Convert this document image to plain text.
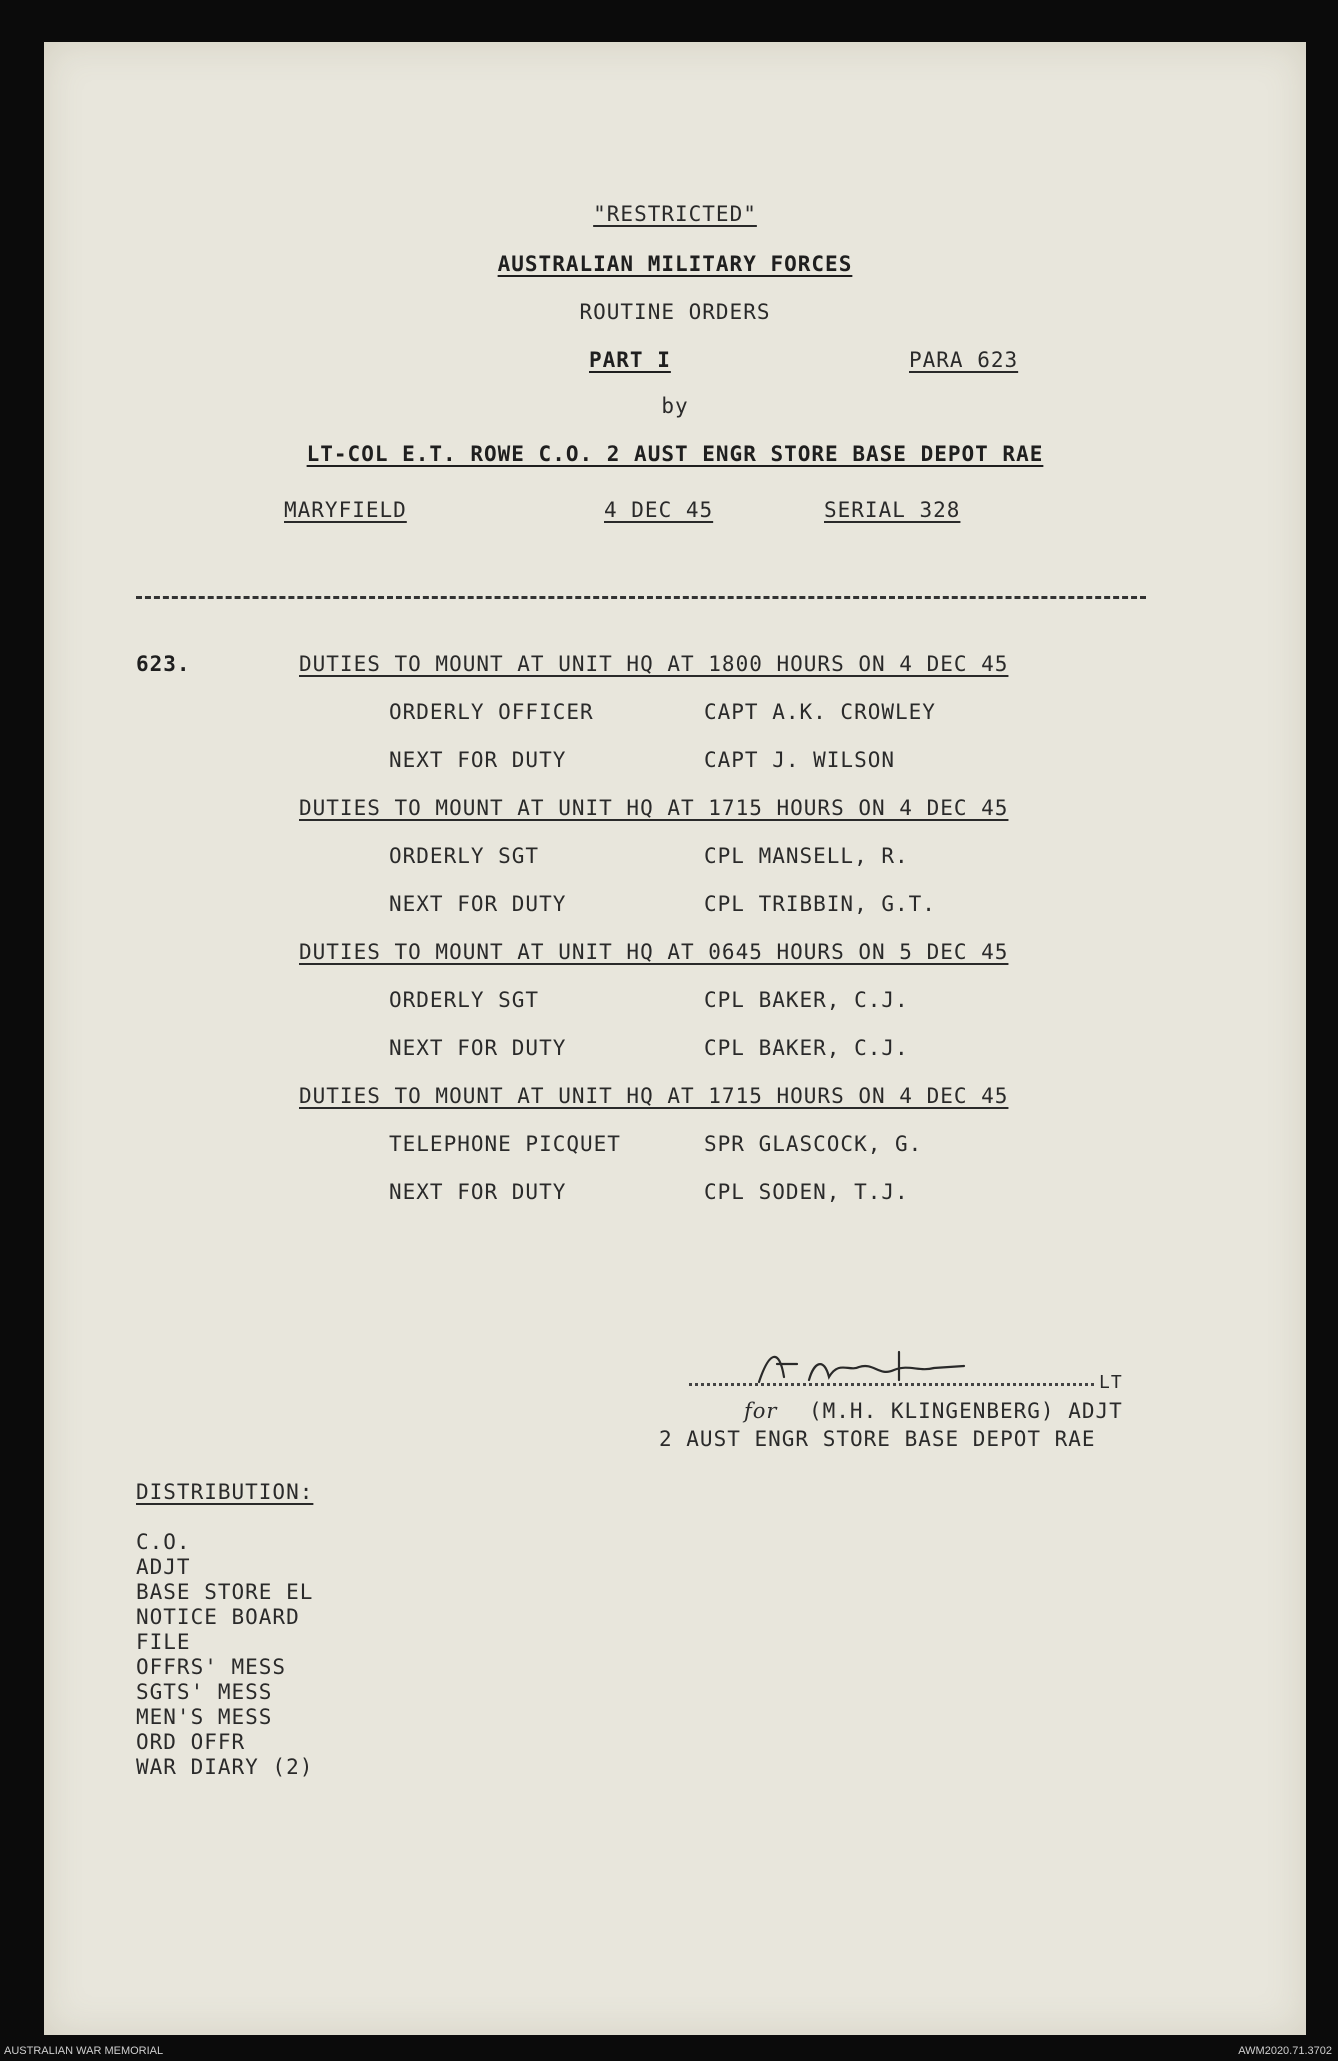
"RESTRICTED"
AUSTRALIAN MILITARY FORCES
ROUTINE ORDERS
PART I	PARA 623
by
LT-COL E.T. ROWE C.O. 2 AUST ENGR STORE BASE DEPOT RAE
MARYFIELD	4 DEC 45	SERIAL 328
623.	DUTIES TO MOUNT AT UNIT HQ AT 1800 HOURS ON 4 DEC 45
ORDERLY OFFICER	CAPT A.K. CROWLEY
NEXT FOR DUTY	CAPT J. WILSON
DUTIES TO MOUNT AT UNIT HQ AT 1715 HOURS ON 4 DEC 45
ORDERLY SGT	CPL MANSELL, R.
NEXT FOR DUTY	CPL TRIBBIN, G.T.
DUTIES TO MOUNT AT UNIT HQ AT 0645 HOURS ON 5 DEC 45
ORDERLY SGT	CPL BAKER, C.J.
NEXT FOR DUTY	CPL BAKER, C.J.
DUTIES TO MOUNT AT UNIT HQ AT 1715 HOURS ON 4 DEC 45
TELEPHONE PICQUET	SPR GLASCOCK, G.
NEXT FOR DUTY	CPL SODEN, T.J.
LT
for (M.H. KLINGENBERG) ADJT
2 AUST ENGR STORE BASE DEPOT RAE
DISTRIBUTION:
C.O.
ADJT
BASE STORE EL
NOTICE BOARD
FILE
OFFRS' MESS
SGTS' MESS
MEN'S MESS
ORD OFFR
WAR DIARY (2)
AUSTRALIAN WAR MEMORIAL	AWM2020.71.3702
